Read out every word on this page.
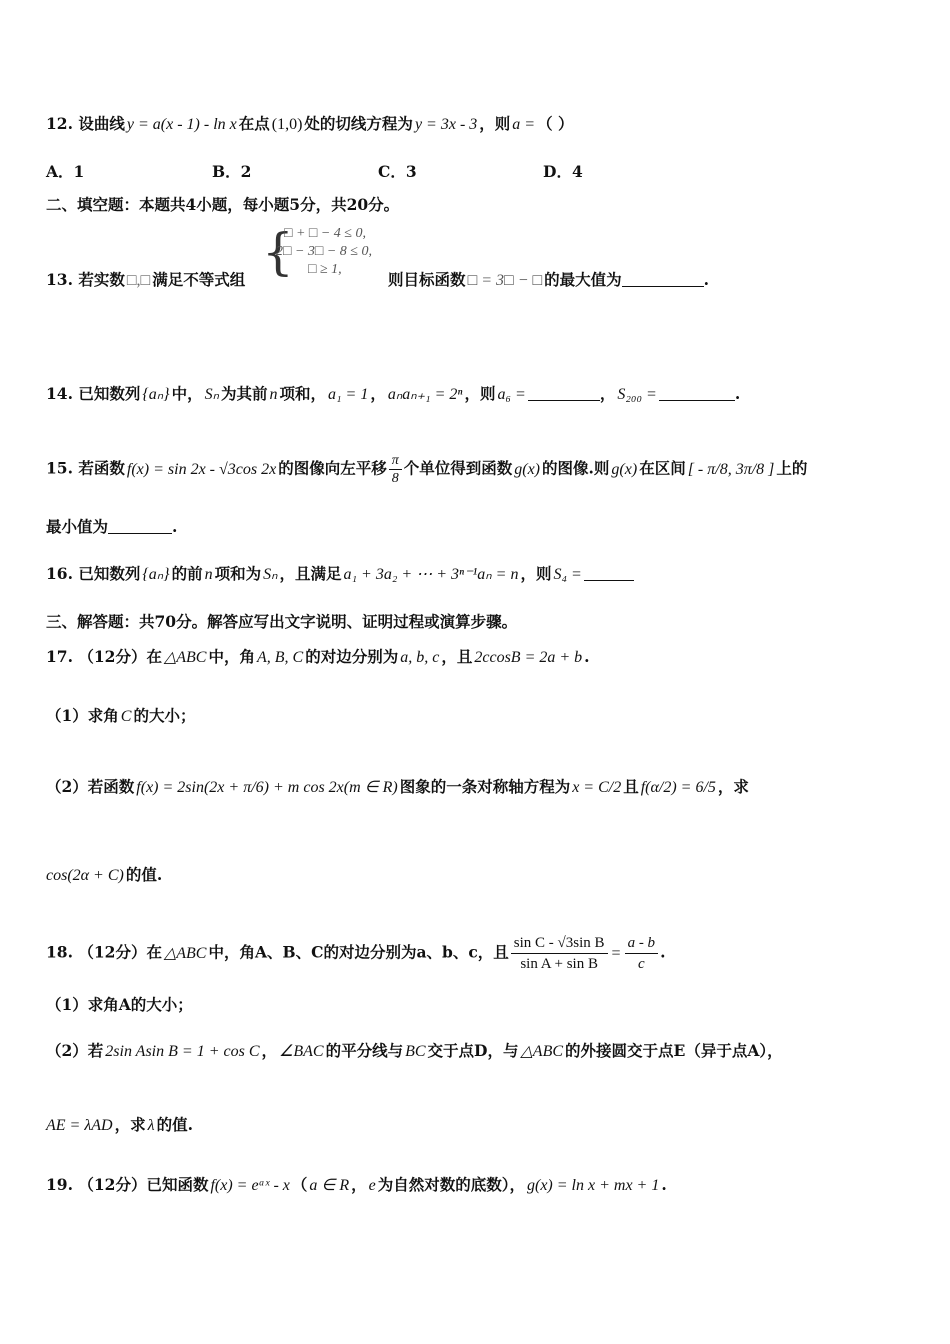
12. 设曲线 y = a(x - 1) - ln x 在点 (1,0) 处的切线方程为 y = 3x - 3 ，则 a = （ ）
A．1	B．2	C．3	D．4
二、填空题：本题共4小题，每小题5分，共20分。
{
□ + □ − 4 ≤ 0,
2□ − 3□ − 8 ≤ 0,
□ ≥ 1,
13. 若实数 □,□ 满足不等式组	则目标函数 □ = 3□ − □ 的最大值为	.
14. 已知数列 {aₙ} 中， Sₙ 为其前 n 项和， a₁ = 1 ， aₙaₙ₊₁ = 2ⁿ ，则 a₆ =	， S₂₀₀ =	.
15. 若函数 f(x) = sin 2x - √3cos 2x 的图像向左平移 $\frac{\pi}{8}$ 个单位得到函数 g(x) 的图像.则 g(x) 在区间 [ - π/8, 3π/8 ] 上的
最小值为	.
16. 已知数列 {aₙ} 的前 n 项和为 Sₙ ，且满足 a₁ + 3a₂ + ⋯ + 3ⁿ⁻¹aₙ = n ，则 S₄ =
三、解答题：共70分。解答应写出文字说明、证明过程或演算步骤。
17. （12分）在 △ABC 中，角 A, B, C 的对边分别为 a, b, c ，且 2ccosB = 2a + b .
（1）求角 C 的大小；
（2）若函数 f(x) = 2sin(2x + π/6) + m cos 2x(m ∈ R) 图象的一条对称轴方程为 x = C/2 且 f(α/2) = 6/5 ，求
cos(2α + C) 的值.
18. （12分）在 △ABC 中，角A、B、C的对边分别为a、b、c，且 $\frac{\text{sin C - √3sin B}}{\text{sin A + sin B}} = \frac{a - b}{c}$ .
（1）求角A的大小；
（2）若 2sin Asin B = 1 + cos C ， ∠BAC 的平分线与 BC 交于点D，与 △ABC 的外接圆交于点E（异于点A），
AE = λAD ，求 λ 的值.
19. （12分）已知函数 f(x) = eᵃˣ - x （ a ∈ R ， e 为自然对数的底数）， g(x) = ln x + mx + 1 .
